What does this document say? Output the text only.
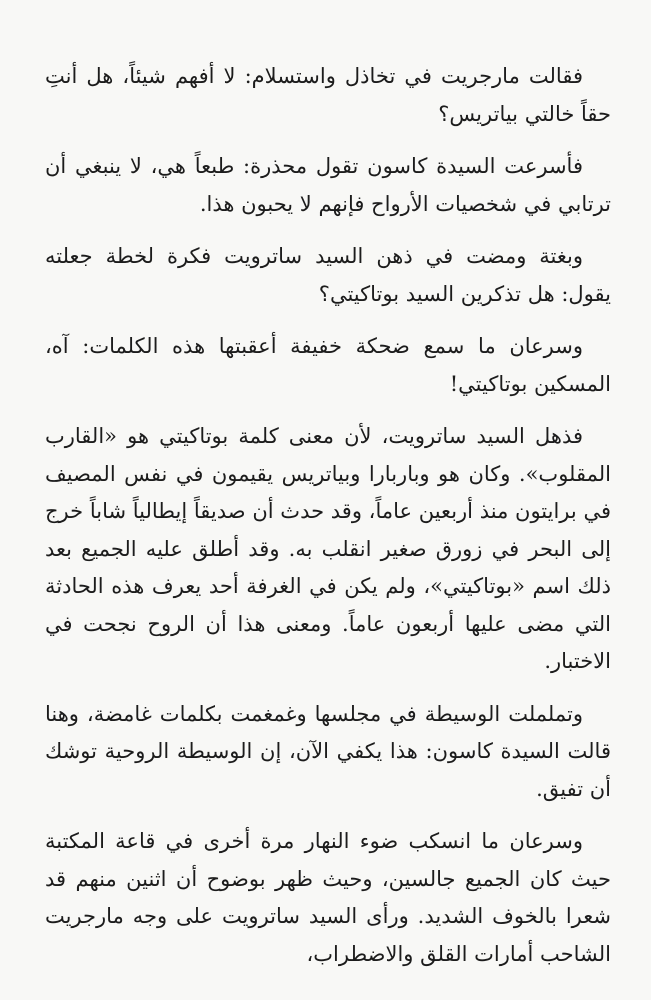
فقالت مارجريت في تخاذل واستسلام: لا أفهم شيئاً، هل أنتِ حقاً خالتي بياتريس؟

فأسرعت السيدة كاسون تقول محذرة: طبعاً هي، لا ينبغي أن ترتابي في شخصيات الأرواح فإنهم لا يحبون هذا.

وبغتة ومضت في ذهن السيد ساترويت فكرة لخطة جعلته يقول: هل تذكرين السيد بوتاكيتي؟

وسرعان ما سمع ضحكة خفيفة أعقبتها هذه الكلمات: آه، المسكين بوتاكيتي!

فذهل السيد ساترويت، لأن معنى كلمة بوتاكيتي هو «القارب المقلوب». وكان هو وباربارا وبياتريس يقيمون في نفس المصيف في برايتون منذ أربعين عاماً، وقد حدث أن صديقاً إيطالياً شاباً خرج إلى البحر في زورق صغير انقلب به. وقد أطلق عليه الجميع بعد ذلك اسم «بوتاكيتي»، ولم يكن في الغرفة أحد يعرف هذه الحادثة التي مضى عليها أربعون عاماً. ومعنى هذا أن الروح نجحت في الاختبار.

وتململت الوسيطة في مجلسها وغمغمت بكلمات غامضة، وهنا قالت السيدة كاسون: هذا يكفي الآن، إن الوسيطة الروحية توشك أن تفيق.

وسرعان ما انسكب ضوء النهار مرة أخرى في قاعة المكتبة حيث كان الجميع جالسين، وحيث ظهر بوضوح أن اثنين منهم قد شعرا بالخوف الشديد. ورأى السيد ساترويت على وجه مارجريت الشاحب أمارات القلق والاضطراب،
